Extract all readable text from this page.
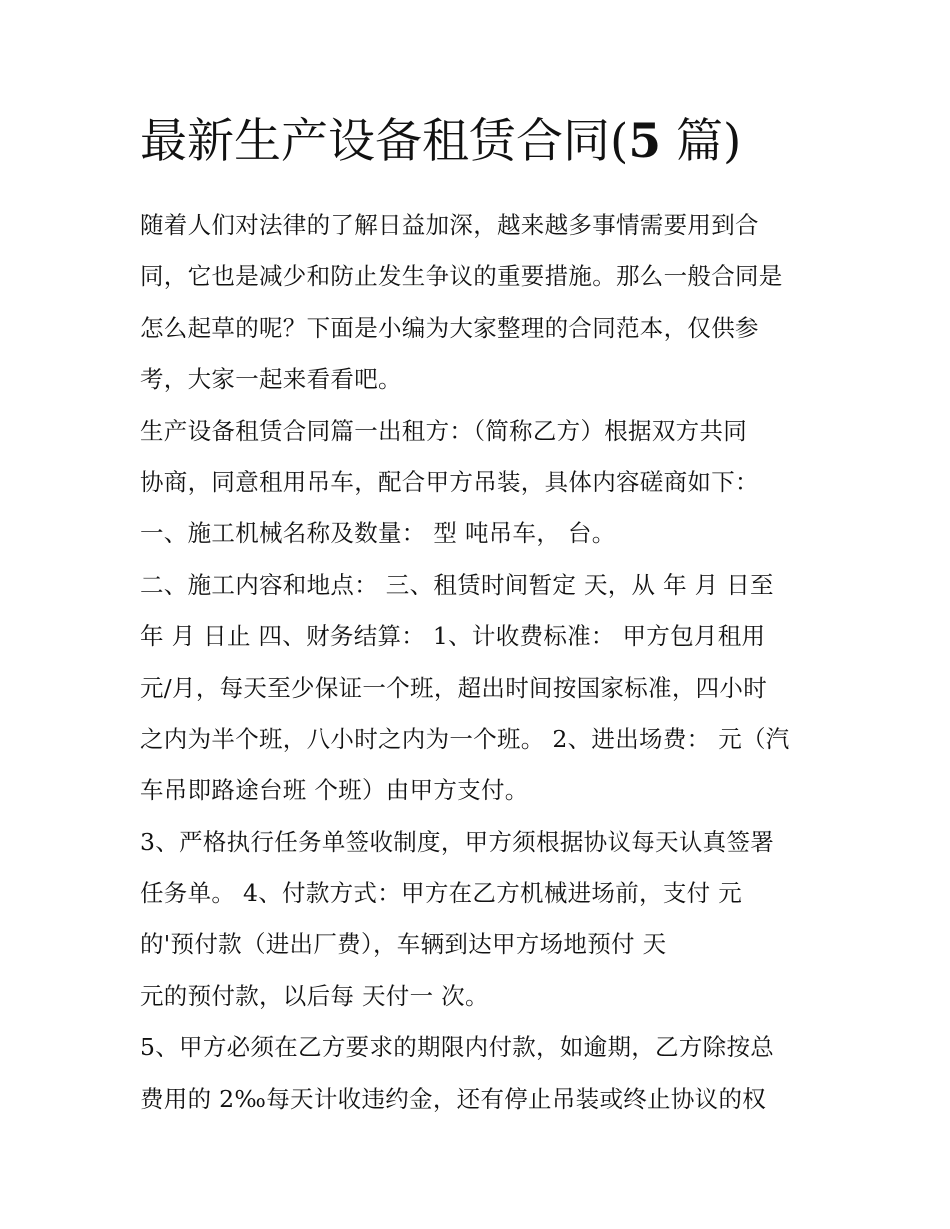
最新生产设备租赁合同(5 篇)
随着人们对法律的了解日益加深，越来越多事情需要用到合
同，它也是减少和防止发生争议的重要措施。那么一般合同是
怎么起草的呢？下面是小编为大家整理的合同范本，仅供参
考，大家一起来看看吧。
生产设备租赁合同篇一出租方：（简称乙方）根据双方共同
协商，同意租用吊车，配合甲方吊装，具体内容磋商如下：
一、施工机械名称及数量： 型 吨吊车， 台。
二、施工内容和地点： 三、租赁时间暂定 天，从 年 月 日至
年 月 日止 四、财务结算： 1、计收费标准： 甲方包月租用
元/月，每天至少保证一个班，超出时间按国家标准，四小时
之内为半个班，八小时之内为一个班。 2、进出场费： 元（汽
车吊即路途台班 个班）由甲方支付。
3、严格执行任务单签收制度，甲方须根据协议每天认真签署
任务单。 4、付款方式：甲方在乙方机械进场前，支付 元
的'预付款（进出厂费），车辆到达甲方场地预付 天
元的预付款，以后每 天付一 次。
5、甲方必须在乙方要求的期限内付款，如逾期，乙方除按总
费用的 2‰每天计收违约金，还有停止吊装或终止协议的权
